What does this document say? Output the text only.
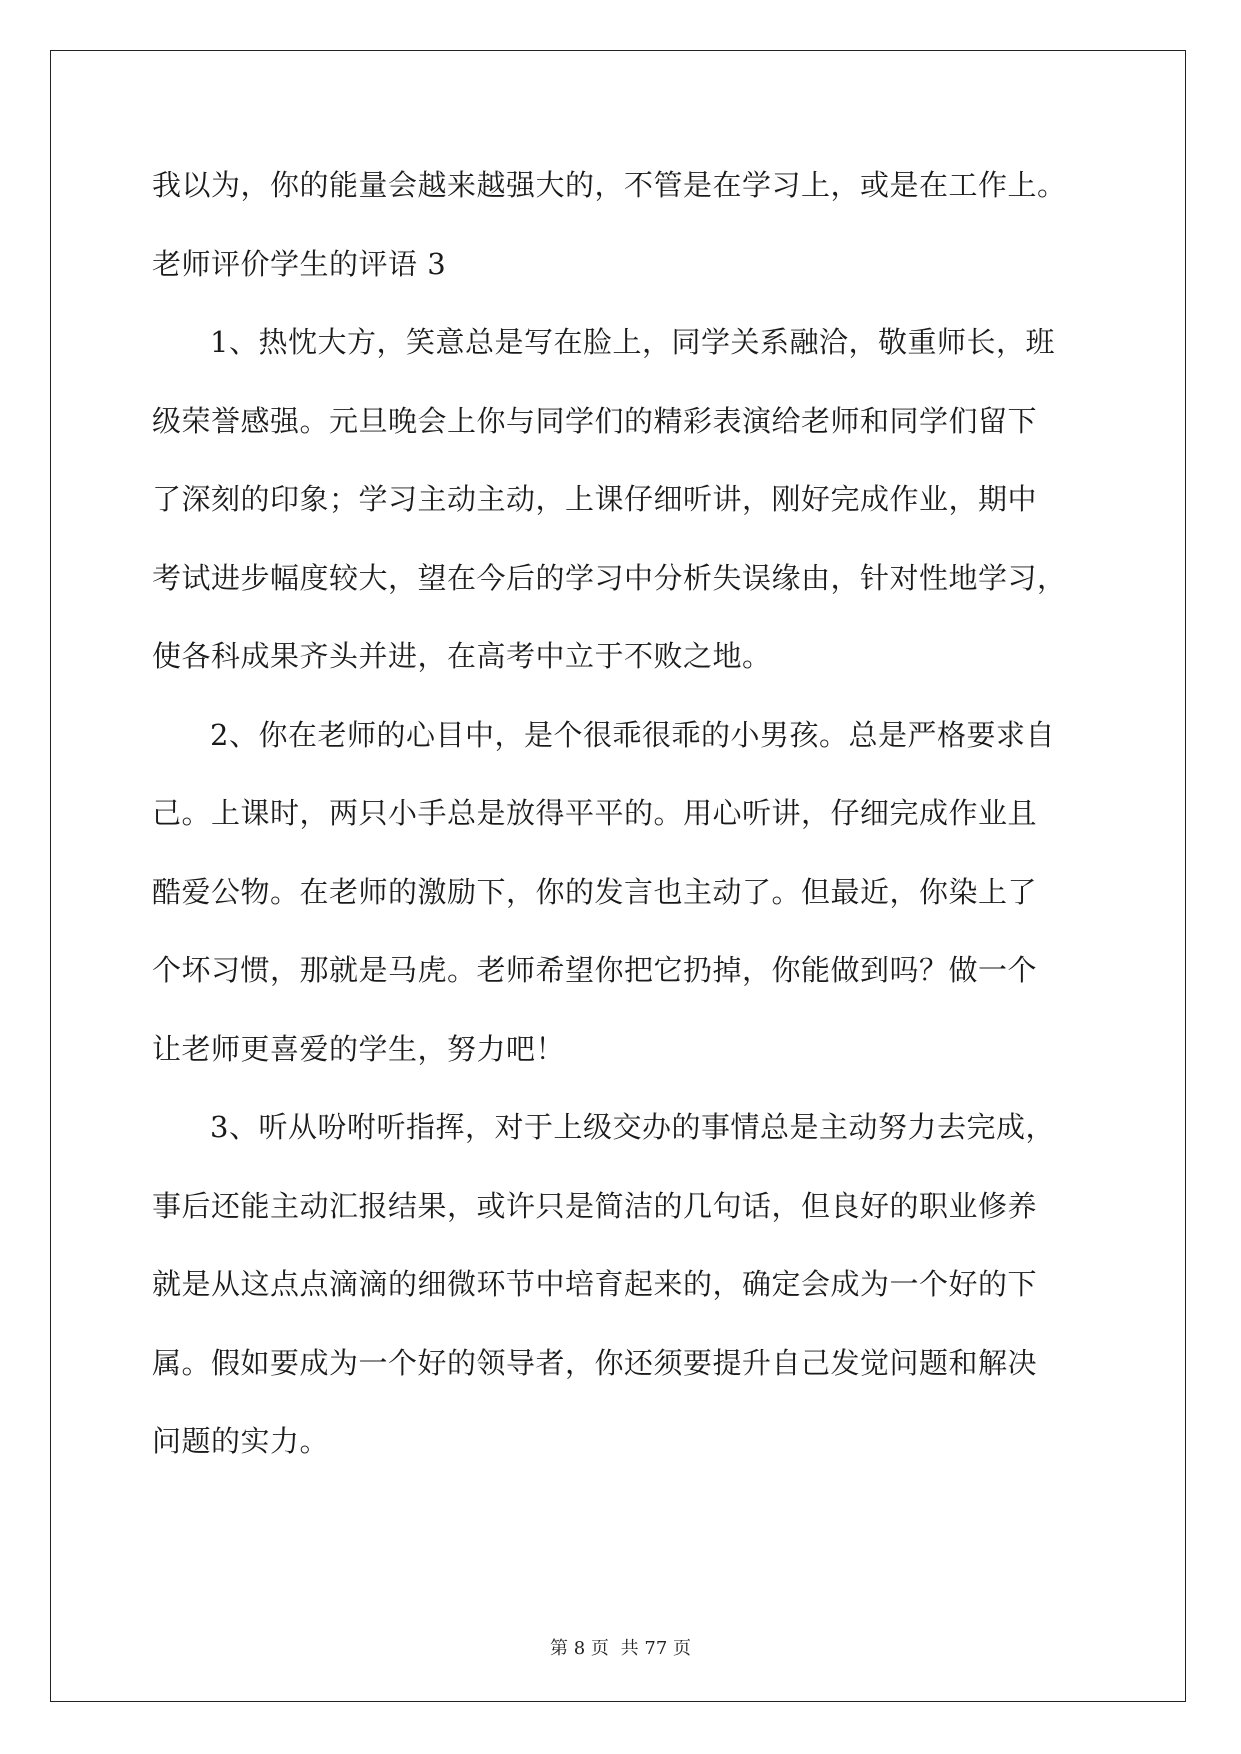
我以为，你的能量会越来越强大的，不管是在学习上，或是在工作上。
老师评价学生的评语 3
1、热忱大方，笑意总是写在脸上，同学关系融洽，敬重师长，班
级荣誉感强。元旦晚会上你与同学们的精彩表演给老师和同学们留下
了深刻的印象；学习主动主动，上课仔细听讲，刚好完成作业，期中
考试进步幅度较大，望在今后的学习中分析失误缘由，针对性地学习，
使各科成果齐头并进，在高考中立于不败之地。
2、你在老师的心目中，是个很乖很乖的小男孩。总是严格要求自
己。上课时，两只小手总是放得平平的。用心听讲，仔细完成作业且
酷爱公物。在老师的激励下，你的发言也主动了。但最近，你染上了
个坏习惯，那就是马虎。老师希望你把它扔掉，你能做到吗？做一个
让老师更喜爱的学生，努力吧！
3、听从吩咐听指挥，对于上级交办的事情总是主动努力去完成，
事后还能主动汇报结果，或许只是简洁的几句话，但良好的职业修养
就是从这点点滴滴的细微环节中培育起来的，确定会成为一个好的下
属。假如要成为一个好的领导者，你还须要提升自己发觉问题和解决
问题的实力。
第 8 页 共 77 页
